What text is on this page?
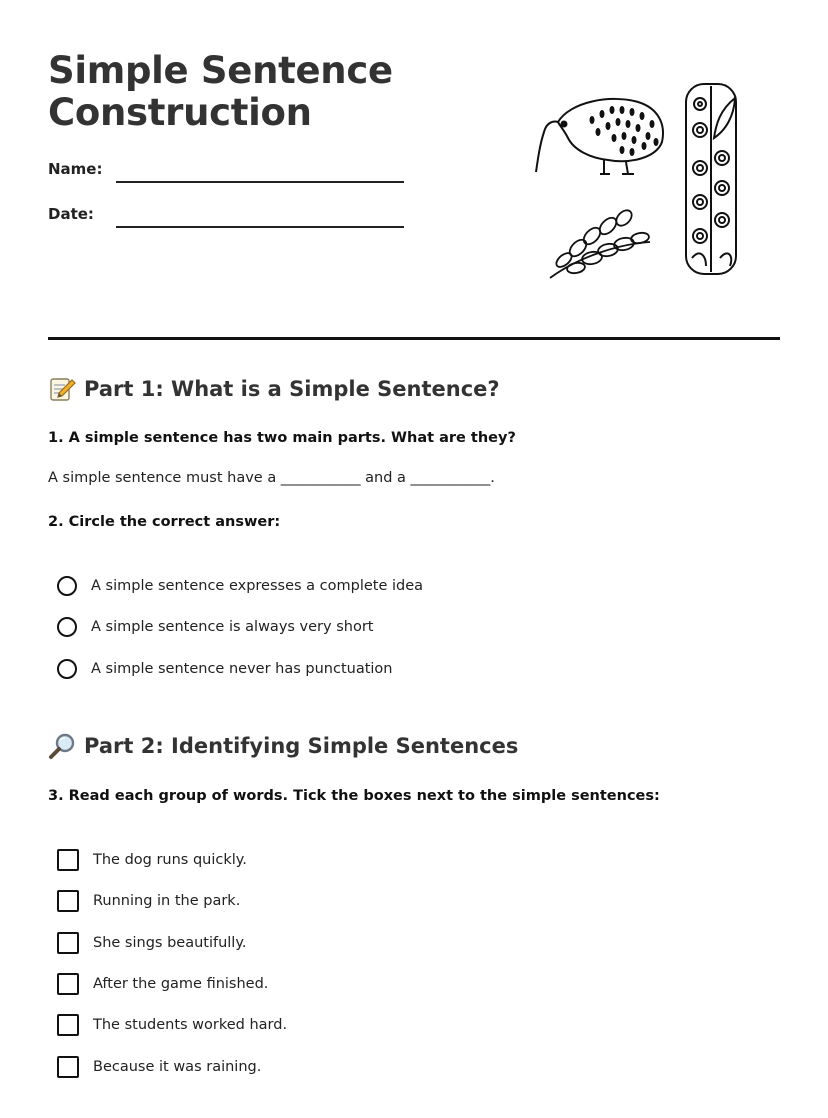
Simple Sentence
Construction
Name:
Date:
Part 1: What is a Simple Sentence?

1. A simple sentence has two main parts. What are they?

A simple sentence must have a ___________ and a ___________.

2. Circle the correct answer:

A simple sentence expresses a complete idea
A simple sentence is always very short
A simple sentence never has punctuation
Part 2: Identifying Simple Sentences

3. Read each group of words. Tick the boxes next to the simple sentences:

The dog runs quickly.
Running in the park.
She sings beautifully.
After the game finished.
The students worked hard.
Because it was raining.
